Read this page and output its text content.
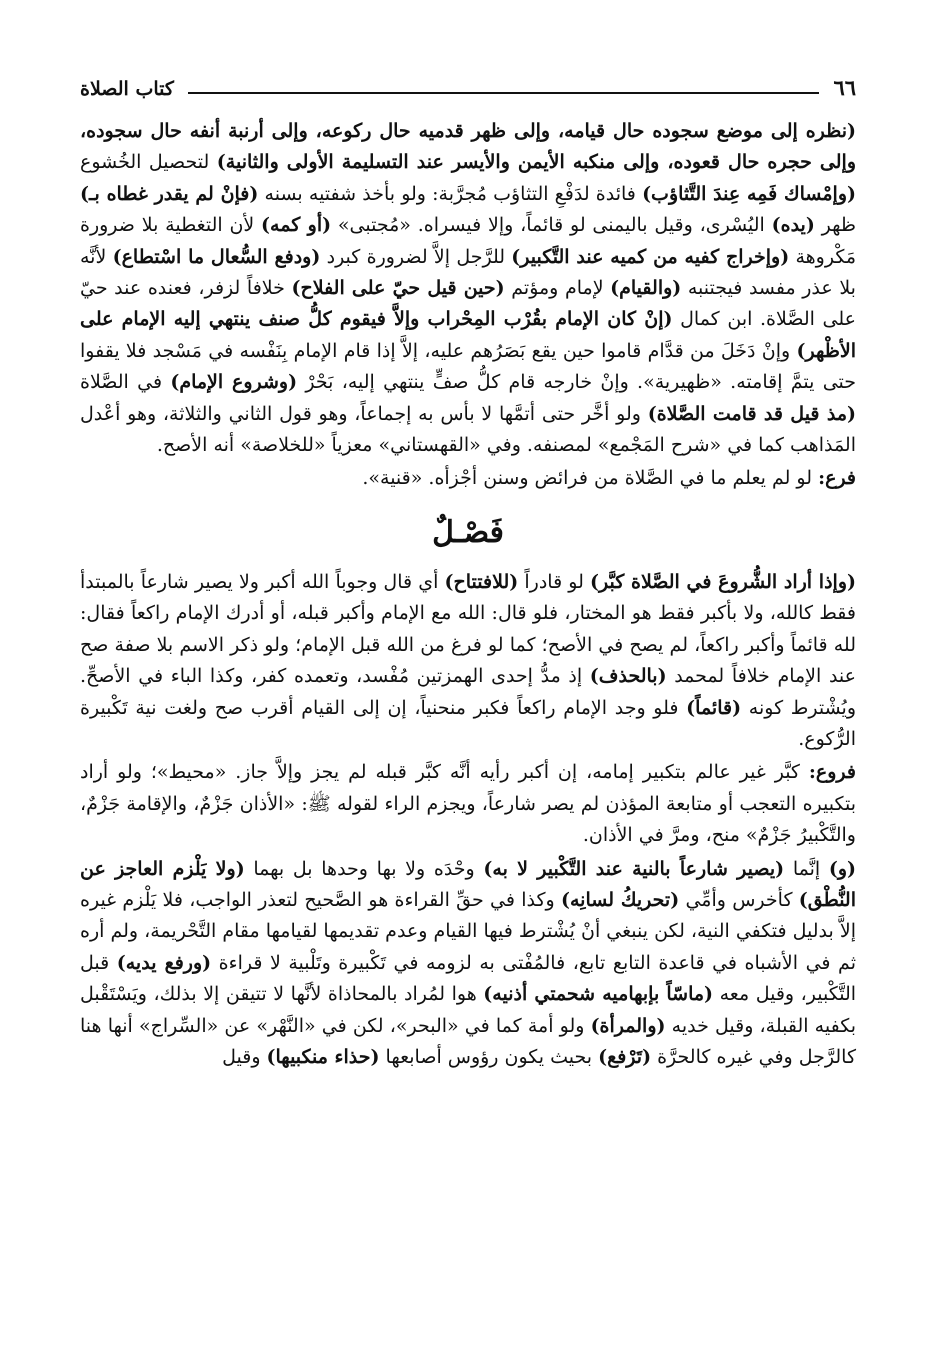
٦٦
كتاب الصلاة

(نظره إلى موضع سجوده حال قيامه، وإلى ظهر قدميه حال ركوعه، وإلى أرنبة أنفه حال سجوده، وإلى حجره حال قعوده، وإلى منكبه الأيمن والأيسر عند التسليمة الأولى والثانية) لتحصيل الخُشوع (وإمْساك فَمِه عِندَ التَّثاؤب) فائدة لدَفْعِ التثاؤب مُجرَّبة: ولو بأخذ شفتيه بسنه (فإنْ لم يقدر غطاه بـ) ظهر (يده) اليُسْرى، وقيل باليمنى لو قائماً، وإلا فيسراه. «مُجتبى» (أو كمه) لأن التغطية بلا ضرورة مَكْروهة (وإخراج كفيه من كميه عند التَّكبير) للرَّجل إلاَّ لضرورة كبرد (ودفع السُّعال ما اسْتطاع) لأنَّه بلا عذر مفسد فيجتنبه (والقيام) لإمام ومؤتم (حين قيل حيّ على الفلاح) خلافاً لزفر، فعنده عند حيّ على الصَّلاة. ابن كمال (إنْ كان الإمام بقُرْب المِحْراب وإلاَّ فيقوم كلُّ صنف ينتهي إليه الإمام على الأظْهر) وإنْ دَخَلَ من قدَّام قاموا حين يقع بَصَرُهم عليه، إلاَّ إذا قام الإمام بِنَفْسه في مَسْجد فلا يقفوا حتى يتمَّ إقامته. «ظهيرية». وإنْ خارجه قام كلُّ صفٍّ ينتهي إليه، بَحْرْ (وشروع الإمام) في الصَّلاة (مذ قيل قد قامت الصَّلاة) ولو أخَّر حتى أتمَّها لا بأس به إجماعاً، وهو قول الثاني والثلاثة، وهو أعْدل المَذاهب كما في «شرح المَجْمع» لمصنفه. وفي «القهستاني» معزياً «للخلاصة» أنه الأصح.

فرع: لو لم يعلم ما في الصَّلاة من فرائض وسنن أجْزأه. «قنية».

فَصْـلٌ

(وإذا أراد الشُّروعَ في الصَّلاة كبَّر) لو قادراً (للافتتاح) أي قال وجوباً الله أكبر ولا يصير شارعاً بالمبتدأ فقط كالله، ولا بأكبر فقط هو المختار، فلو قال: الله مع الإمام وأكبر قبله، أو أدرك الإمام راكعاً فقال: لله قائماً وأكبر راكعاً، لم يصح في الأصح؛ كما لو فرغ من الله قبل الإمام؛ ولو ذكر الاسم بلا صفة صح عند الإمام خلافاً لمحمد (بالحذف) إذ مدُّ إحدى الهمزتين مُفْسد، وتعمده كفر، وكذا الباء في الأصحِّ. ويُشْترط كونه (قائماً) فلو وجد الإمام راكعاً فكبر منحنياً، إن إلى القيام أقرب صح ولغت نية تَكْبيرة الرُّكوع.

فروع: كبَّر غير عالم بتكبير إمامه، إن أكبر رأيه أنَّه كبَّر قبله لم يجز وإلاَّ جاز. «محيط»؛ ولو أراد بتكبيره التعجب أو متابعة المؤذن لم يصر شارعاً، ويجزم الراء لقوله ﷺ: «الأذان جَزْمٌ، والإقامة جَزْمٌ، والتَّكْبيرُ جَزْمٌ» منح، ومرَّ في الأذان.

(و) إنَّما (يصير شارعاً بالنية عند التَّكْبير لا به) وحْدَه ولا بها وحدها بل بهما (ولا يَلْزم العاجز عن النُّطْق) كأخرس وأمِّي (تحريكُ لسانِه) وكذا في حقِّ القراءة هو الصَّحيح لتعذر الواجب، فلا يَلْزم غيره إلاَّ بدليل فتكفي النية، لكن ينبغي أنْ يُشْترط فيها القيام وعدم تقديمها لقيامها مقام التَّحْريمة، ولم أره ثم في الأشباه في قاعدة التابع تابع، فالمُفْتى به لزومه في تَكْبيرة وتَلْبية لا قراءة (ورفع يديه) قبل التَّكْبير، وقيل معه (ماسّاً بإبهاميه شحمتي أذنيه) هوا لمُراد بالمحاذاة لأنَّها لا تتيقن إلا بذلك، ويَسْتَقْبل بكفيه القبلة، وقيل خديه (والمرأة) ولو أمة كما في «البحر»، لكن في «النَّهْر» عن «السِّراج» أنها هنا كالرَّجل وفي غيره كالحرَّة (تَرْفع) بحيث يكون رؤوس أصابعها (حذاء منكبيها) وقيل
